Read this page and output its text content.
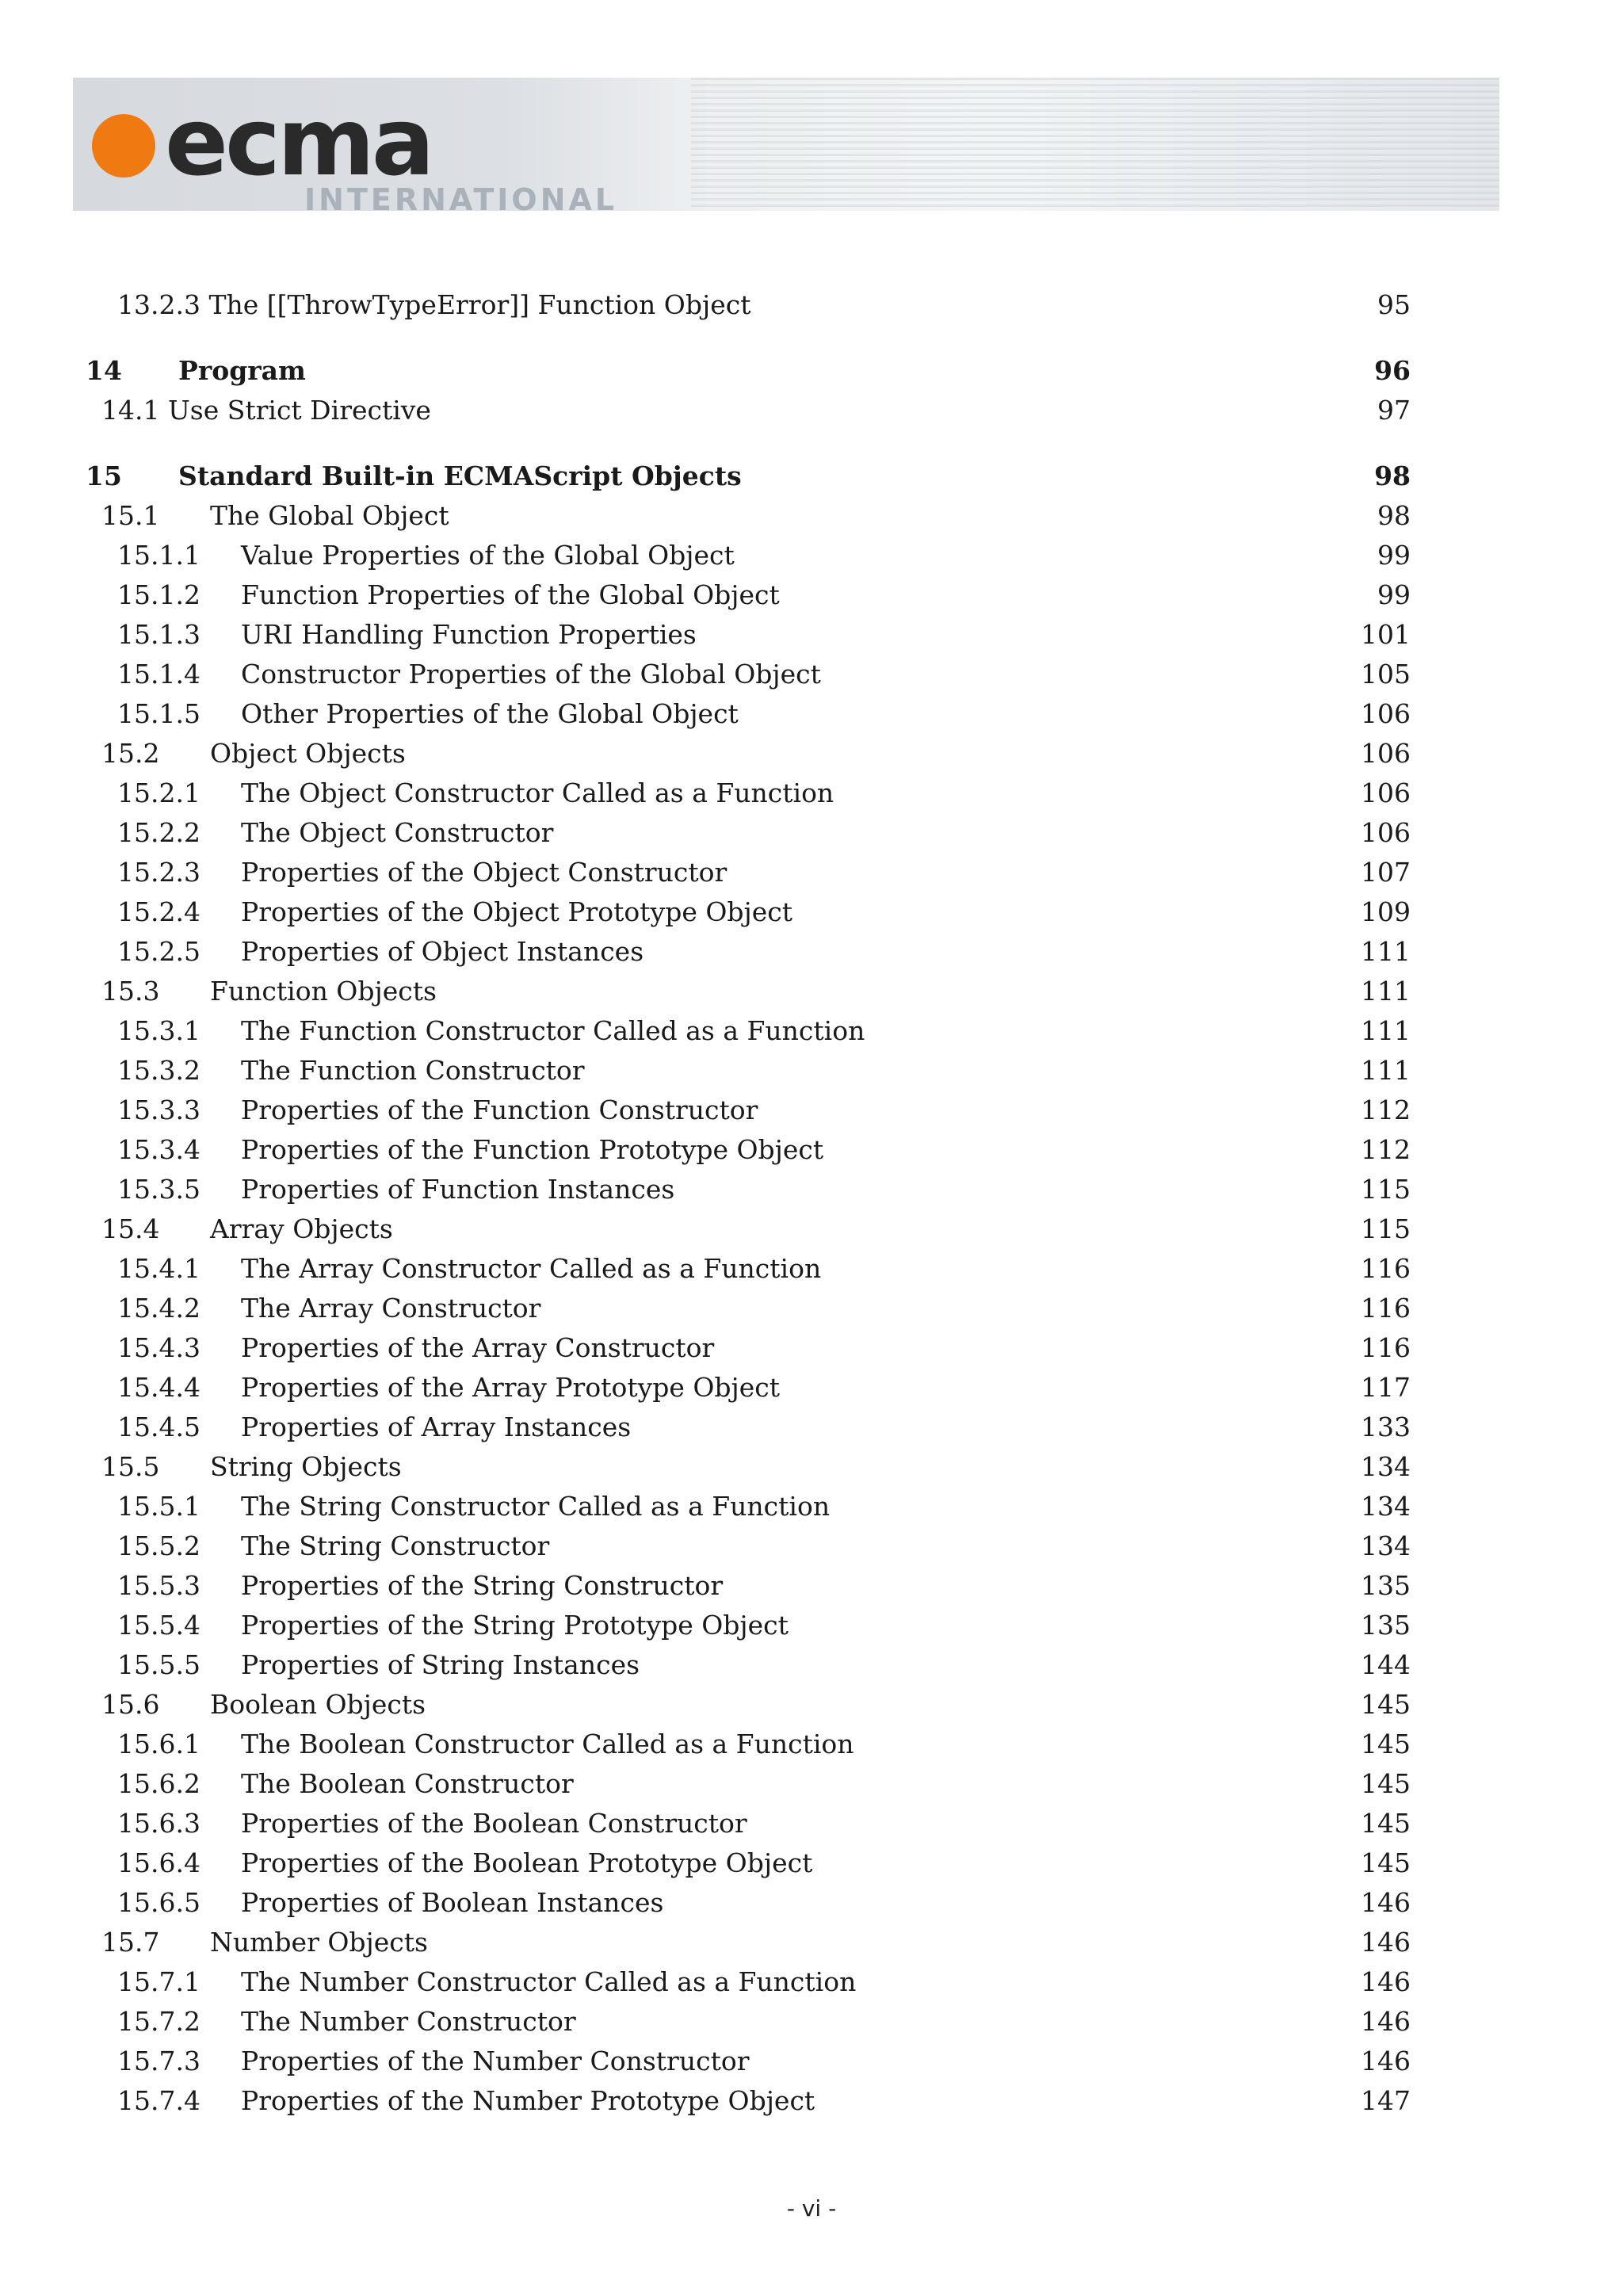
ecma
INTERNATIONAL
13.2.3 The [[ThrowTypeError]] Function Object	95
14 Program	96
14.1 Use Strict Directive	97
15 Standard Built-in ECMAScript Objects	98
15.1 The Global Object	98
15.1.1 Value Properties of the Global Object	99
15.1.2 Function Properties of the Global Object	99
15.1.3 URI Handling Function Properties	101
15.1.4 Constructor Properties of the Global Object	105
15.1.5 Other Properties of the Global Object	106
15.2 Object Objects	106
15.2.1 The Object Constructor Called as a Function	106
15.2.2 The Object Constructor	106
15.2.3 Properties of the Object Constructor	107
15.2.4 Properties of the Object Prototype Object	109
15.2.5 Properties of Object Instances	111
15.3 Function Objects	111
15.3.1 The Function Constructor Called as a Function	111
15.3.2 The Function Constructor	111
15.3.3 Properties of the Function Constructor	112
15.3.4 Properties of the Function Prototype Object	112
15.3.5 Properties of Function Instances	115
15.4 Array Objects	115
15.4.1 The Array Constructor Called as a Function	116
15.4.2 The Array Constructor	116
15.4.3 Properties of the Array Constructor	116
15.4.4 Properties of the Array Prototype Object	117
15.4.5 Properties of Array Instances	133
15.5 String Objects	134
15.5.1 The String Constructor Called as a Function	134
15.5.2 The String Constructor	134
15.5.3 Properties of the String Constructor	135
15.5.4 Properties of the String Prototype Object	135
15.5.5 Properties of String Instances	144
15.6 Boolean Objects	145
15.6.1 The Boolean Constructor Called as a Function	145
15.6.2 The Boolean Constructor	145
15.6.3 Properties of the Boolean Constructor	145
15.6.4 Properties of the Boolean Prototype Object	145
15.6.5 Properties of Boolean Instances	146
15.7 Number Objects	146
15.7.1 The Number Constructor Called as a Function	146
15.7.2 The Number Constructor	146
15.7.3 Properties of the Number Constructor	146
15.7.4 Properties of the Number Prototype Object	147
- vi -
